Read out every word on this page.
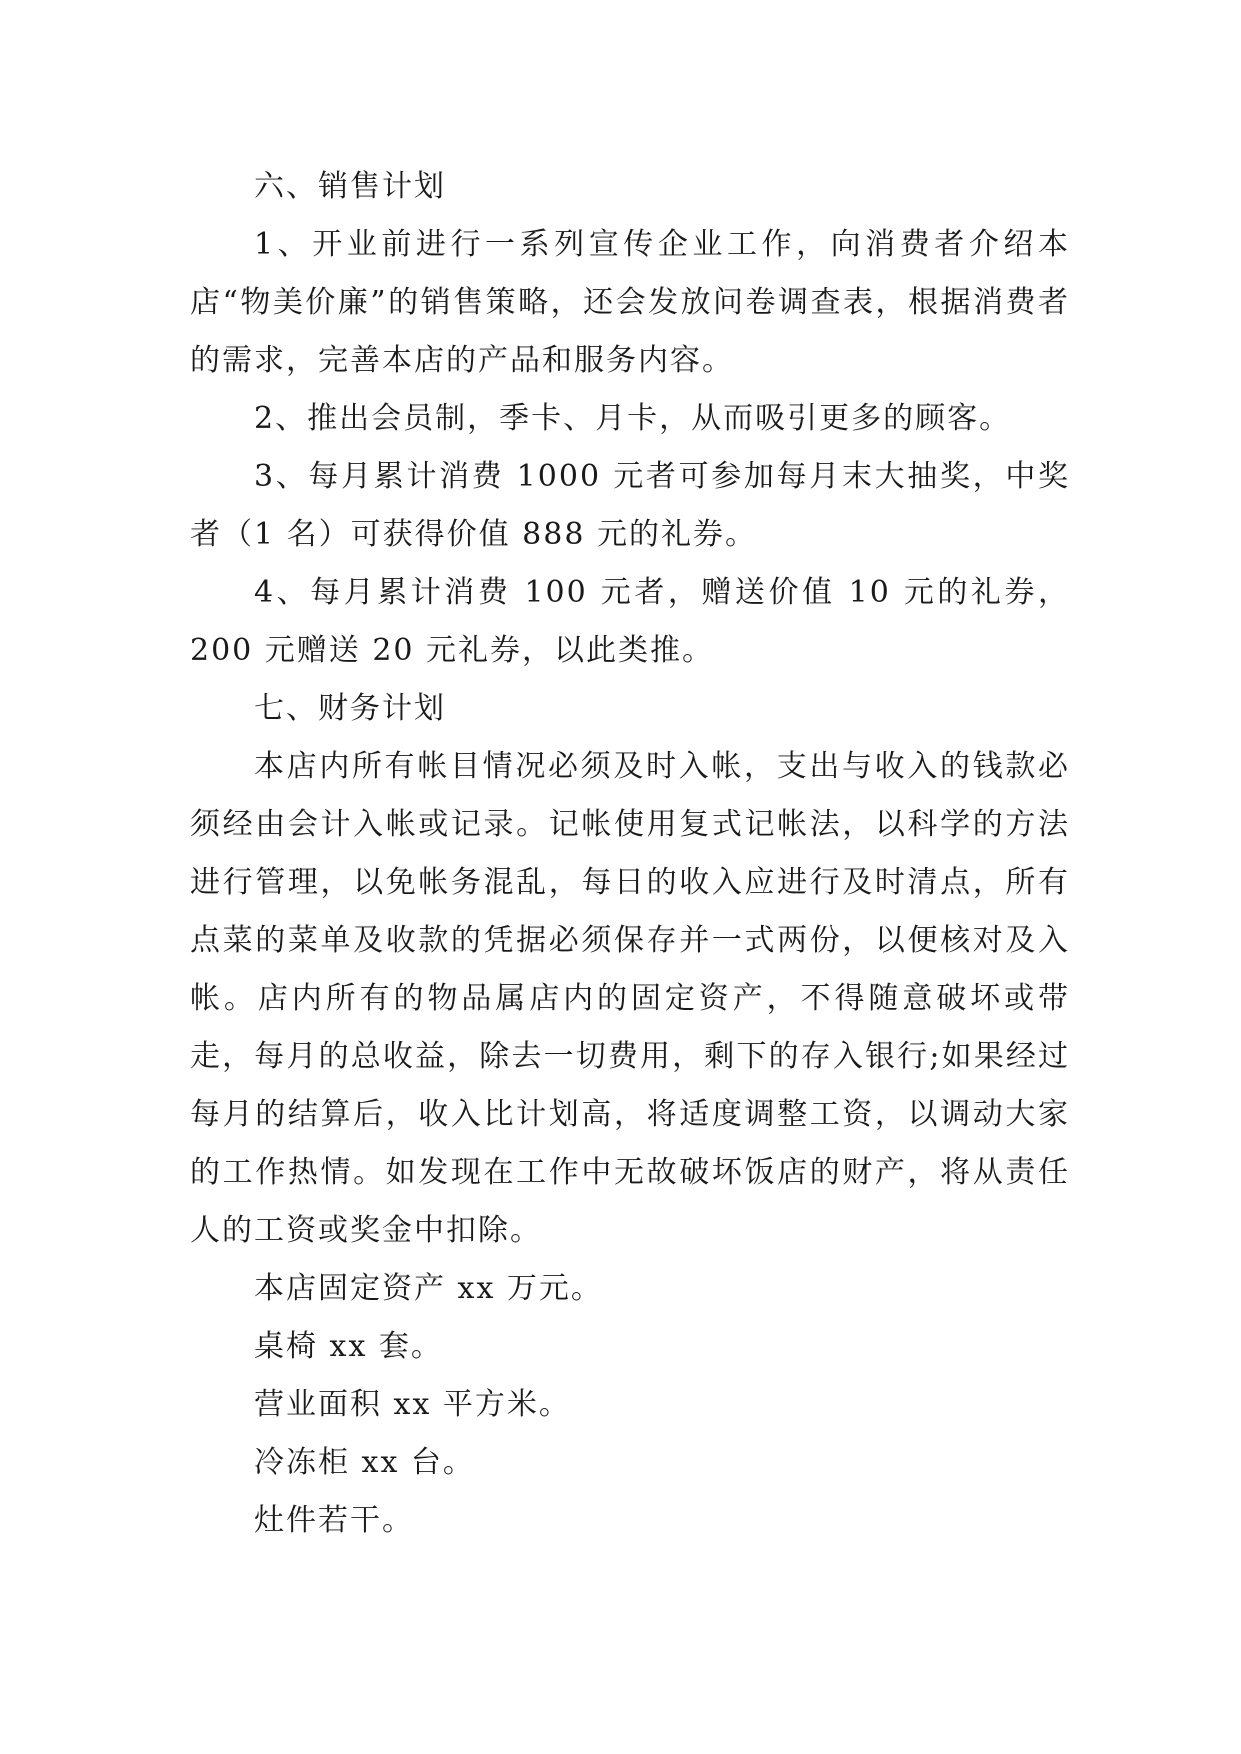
六、销售计划

1、开业前进行一系列宣传企业工作，向消费者介绍本店“物美价廉”的销售策略，还会发放问卷调查表，根据消费者的需求，完善本店的产品和服务内容。

2、推出会员制，季卡、月卡，从而吸引更多的顾客。

3、每月累计消费 1000 元者可参加每月末大抽奖，中奖者（1 名）可获得价值 888 元的礼券。

4、每月累计消费 100 元者，赠送价值 10 元的礼券，200 元赠送 20 元礼券，以此类推。

七、财务计划

本店内所有帐目情况必须及时入帐，支出与收入的钱款必须经由会计入帐或记录。记帐使用复式记帐法，以科学的方法进行管理，以免帐务混乱，每日的收入应进行及时清点，所有点菜的菜单及收款的凭据必须保存并一式两份，以便核对及入帐。店内所有的物品属店内的固定资产，不得随意破坏或带走，每月的总收益，除去一切费用，剩下的存入银行;如果经过每月的结算后，收入比计划高，将适度调整工资，以调动大家的工作热情。如发现在工作中无故破坏饭店的财产，将从责任人的工资或奖金中扣除。

本店固定资产 xx 万元。

桌椅 xx 套。

营业面积 xx 平方米。

冷冻柜 xx 台。

灶件若干。
